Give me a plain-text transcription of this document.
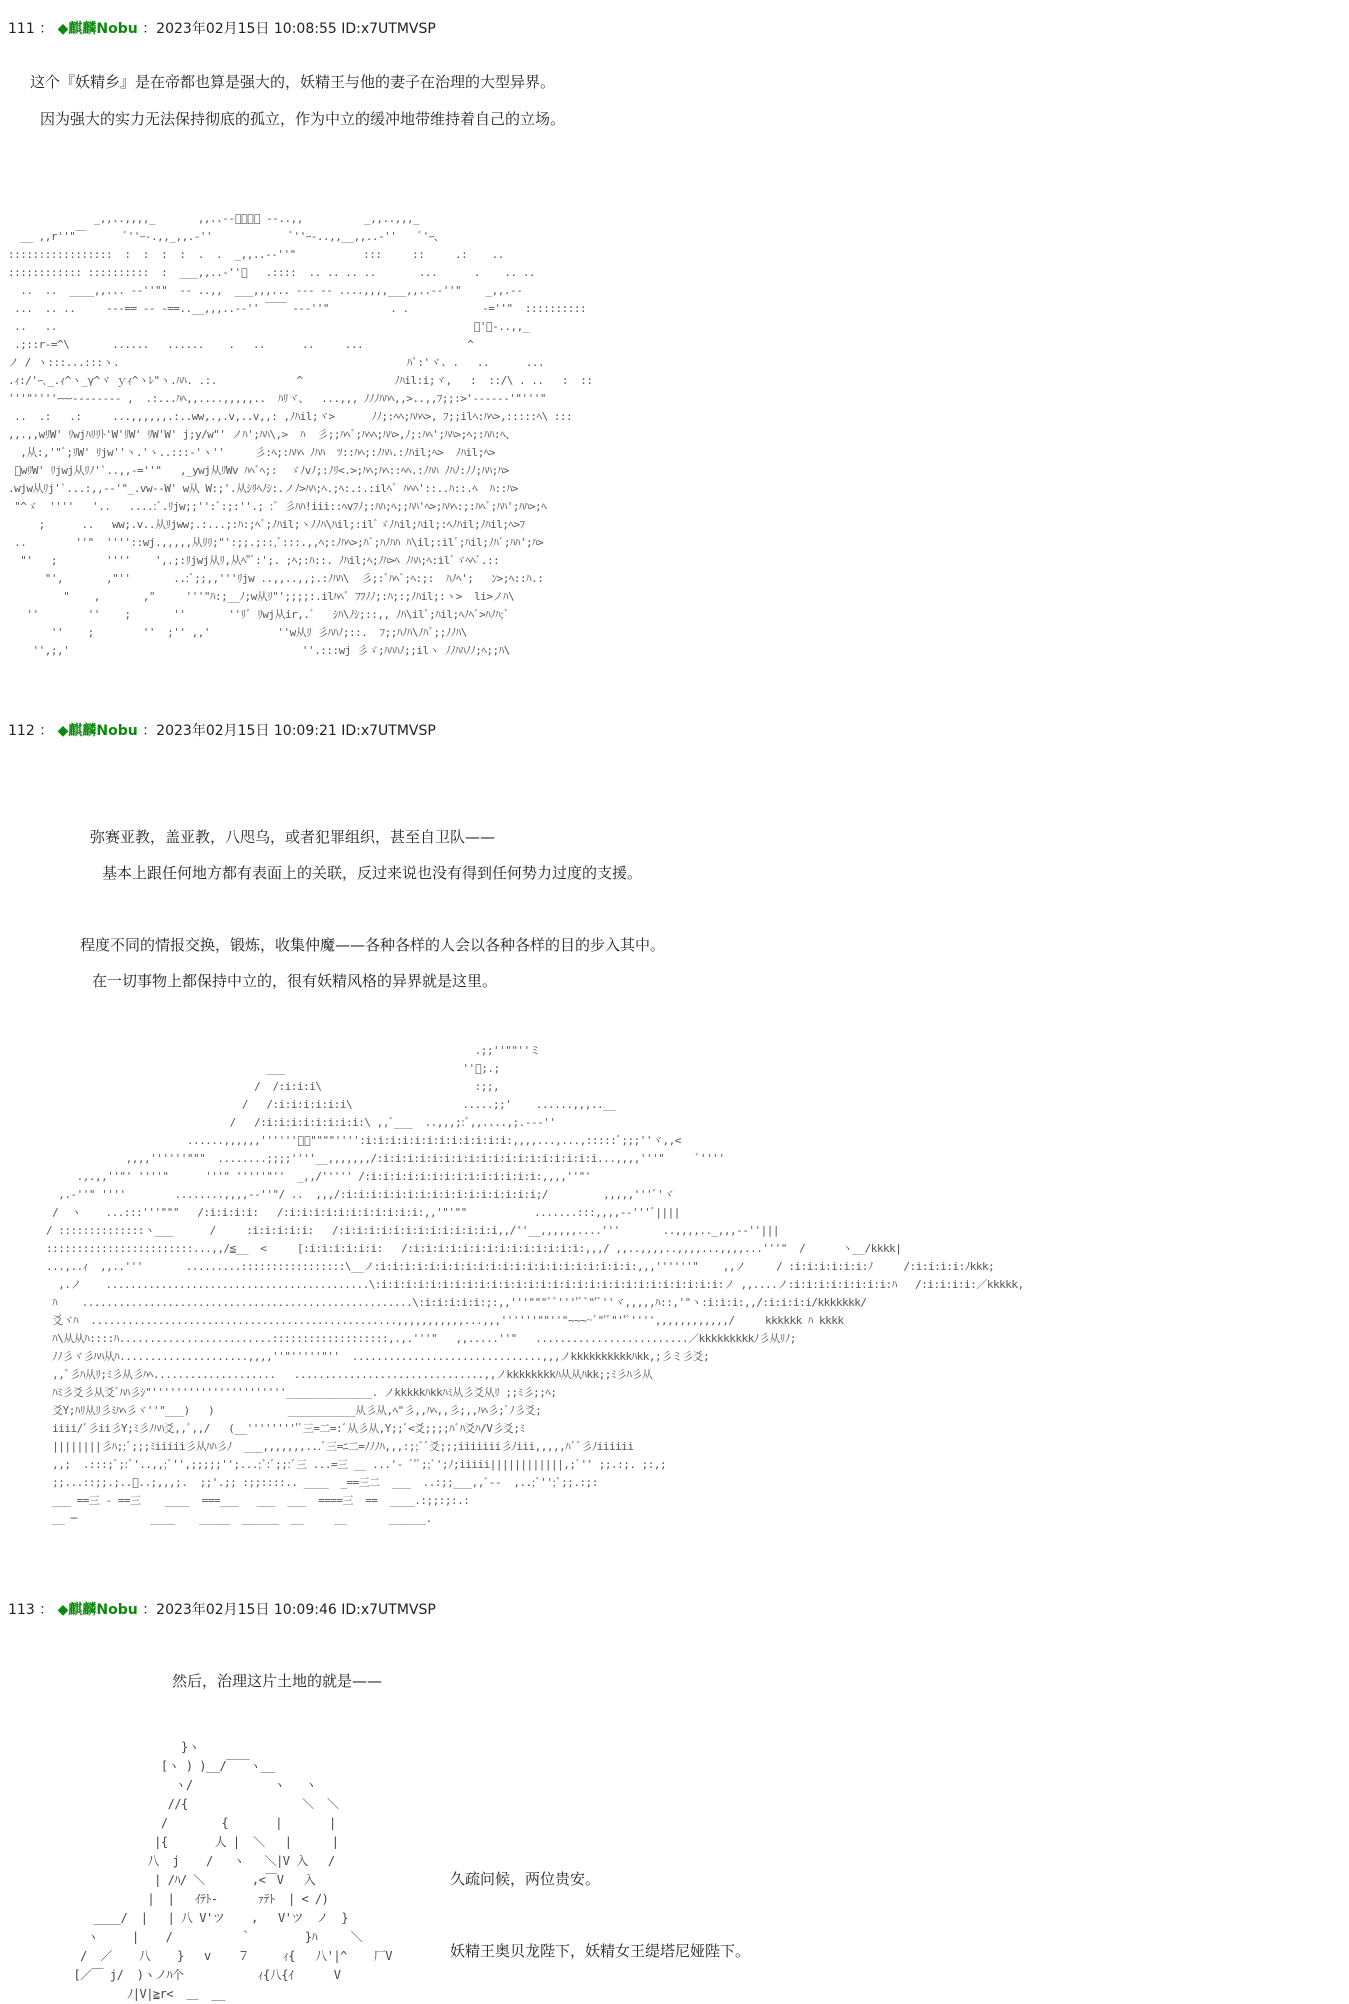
111 ： ◆麒麟Nobu ：2023年02月15日 10:08:55 ID:x7UTMVSP
这个『妖精乡』是在帝都也算是强大的，妖精王与他的妻子在治理的大型异界。
因为强大的实力无法保持彻底的孤立，作为中立的缓冲地带维持着自己的立场。
_,,..,,,,_       ,,..-‐ﾞ￣￣ﾞ ‐-..,,          _,,..,,,_
__ ,,r''"￣      ﾞ''ｰ-.,,_,,.-''             ﾞ''ｰ-..,,__,,..-''    ﾞ'ｰ、
:::::::::::::::::  :  :  :  :  .  .  _,,..-‐''"           :::     ::     .:    ..
:::::::::::: ::::::::::  :  ___,,..-''ﾞ   .::::  .. .. .. ..       ...      .    .. ..
..  ..  ____,,... -‐''""  ‐- ..,,  ___,,,... --- ‐‐ ....,,,,___,,..-‐''"    _,,.-‐
...  .. ..     ‐‐‐== ‐‐ -==..__,,,..-‐'' ￣￣ ‐‐‐''"          . .            -=''"  ::::::::::
..   ..                                                                    ﾞ'ｰ-..,,_
.;::r-=^\       ......   ......    .   ..      ..     ...                 ^
ノ / ヽ:::...:::ヽ.                                               ﾊﾟ:'ヾ. .   ..      ...
.ｨ:/'ｰ､_.ｨ^ヽ_γ^ヾ ｙｨ^ヽﾚ"ヽ.ﾊﾊ. .:.             ^               ﾉﾊil:i;ヾ,   :  ::/\ . ..   :  ::
'''"''''ｰｰｰ-------- ,  .:...ﾊﾍ,,....,,,,,..  ﾊﾘヾ、  ...,,, ﾉﾉﾉﾊﾊﾍ,,>..,,ﾌ;;:>'----‐‐'"'''"
..  .:   .:     ...,,,,,,.:..ww,.,.v,..v,,: ,ﾉﾊil;ヾ>      ﾉﾉ;:ﾍﾍ;ﾊﾊﾍ>, ﾌ;;ilﾍ:ﾊﾍ>,:::::ﾍ\ :::
,,.,,wﾘW' ﾘwjﾊﾘﾘﾄ'W'ﾘW' ﾘW'W' j;y/w"' ノﾊ';ﾊﾊ\,>  ﾊ  彡;;ﾊﾍﾞ;ﾊﾍﾍ;ﾊﾊ>,ﾉ;:ﾊﾍ';ﾊﾊ>;ﾍ;:ﾊﾊ:ﾍ、
,从:,'"ﾞ;ﾘW' ﾘjw''ヽ.'ヽ..:::-'ヽ''     彡:ﾍ;:ﾊﾊﾍ ﾉﾊﾊ  ﾂ::ﾊﾍ;:ﾉﾊﾊ.:ﾉﾊil;ﾍ>  ﾉﾊil;ﾍ>
ﾞwﾘW' ﾘjwj从ﾘﾉ'`..,,-=''"   ,_ywj从ﾘWv ﾊﾍﾞﾍ;:  ゞﾉvﾉ;:ﾉﾘ<.>;ﾊﾍ;ﾊﾍ::ﾍﾍ.:ﾉﾊﾊ ﾉﾊﾉ:ﾉﾉ;ﾊﾊ;ﾊ>
.wjw从ﾘj'`...:,,-‐'"_.vw--W' w从 W:;'.从ｼﾘﾍﾉｼ:.ノﾉ>ﾊﾊ;ﾍ.;ﾍ:.:.:ilﾍﾞ ﾊﾍﾍ'::..ﾊ::.ﾍ  ﾊ::ﾊ>
"^ゞ  ''''   '..   ....:ﾞ.ﾘjw;;'':ﾞ:;:''.; :ﾞ 彡ﾊﾊ!iii::ﾍvﾌﾉ;:ﾊﾊ;ﾍ;;ﾊﾊ'ﾍ>;ﾊﾊﾍ:;:ﾊﾍﾞ;ﾊﾊ';ﾊﾊ>;ﾍ
;      ..   ww;.v..从ﾘjww;.:...;:ﾊ:;ﾍﾞ;ﾉﾊil;ヽﾉﾉﾊ\ﾊil;:ilﾞゞﾉﾊil;ﾊil;:ﾍﾉﾊil;ﾉﾊil;ﾍ>ﾌ
..        ''"  ''''::wj.,,,,,从ﾘﾘ;"':;;.;::,ﾞ:::.,,ﾍ;:ﾉﾊﾍ>;ﾊﾞ;ﾊﾉﾊﾊ ﾊ\il;:ilﾞ;ﾊil;ﾉﾊﾞ;ﾊﾊ';ﾊ>
"'   ;        ''''    ',.;:ﾘjwj从ﾘ,从ﾍ"ﾞ:';. ;ﾍ;:ﾊ::. ﾉﾊil;ﾍ;ﾉﾊ>ﾍ ﾉﾊﾊ;ﾍ:ilﾞゞﾍﾍﾞ.::
"',       ,"''       ..:ﾞ;;,,'''ﾘjw ..,,..,,;.:ﾉﾊﾊ\  彡;:ﾞﾊﾍﾞ;ﾍ:;:  ﾊﾉﾍ';   ﾝ>;ﾍ::ﾊ.:
"    ,       ,"     '''"ﾊ:;__ﾉ;w从ﾘ"';;;;:.ilﾊﾍﾞ ﾌﾌﾉﾉ;:ﾊ;:;ﾉﾊil;:ヽ>  li>ノﾊ\
''        ''    ;       ''       ''ﾘﾞ ﾘwj从ir,.ﾞ   ｼﾊ\ﾉｼ;::,, ﾉﾊ\ilﾞ;ﾊil;ﾍﾉﾍﾞ>ﾊﾉﾊ;ﾞ
''    ;        ''  ;'' ,,'           ''w从ﾘ 彡ﾊﾊﾉ;::.  ﾌ;;ﾊﾉﾊ\ﾉﾊﾞ;;ﾉﾉﾊ\
'',;,'                                      ''.:::wj 彡ゞ;ﾊﾊﾊﾉ;;ilヽ ﾉﾉﾊﾊﾉﾉ;ﾍ;;ﾊ\

112 ： ◆麒麟Nobu ：2023年02月15日 10:09:21 ID:x7UTMVSP
弥赛亚教，盖亚教，八咫乌，或者犯罪组织，甚至自卫队——
基本上跟任何地方都有表面上的关联，反过来说也没有得到任何势力过度的支援。
程度不同的情报交换，锻炼，收集仲魔——各种各样的人会以各种各样的目的步入其中。
在一切事物上都保持中立的，很有妖精风格的异界就是这里。
.;;''""''ミ
___                             ''ﾞ;.;
/  /:i:i:i\                         :;;,
/   /:i:i:i:i:i:i\                  .....;;'    ......,,,..__
/   /:i:i:i:i:i:i:i:i:\ ,,ﾞ___  ..,,,;:ﾞ,,....,;.--‐''
......,,,,,,''''''ﾞﾞ""""'''':i:i:i:i:i:i:i:i:i:i:i:i:,,,,...,...,:::::ﾞ;;;''ヾ,,<
,,,,''''''"""  ........;;;;''''__,,,,,,,/:i:i:i:i:i:i:i:i:i:i:i:i:i:i:i:i:i:i...,,,,'''"     ﾞ''''
.,.,,''"' ''''"      '''" '''''"''  _,,/''''' /:i:i:i:i:i:i:i:i:i:i:i:i:i:i:,,,,''"'
,.-''" ''''        ........,,,,-‐''"/ ..  ,,,/:i:i:i:i:i:i:i:i:i:i:i:i:i:i:i:i;/         ,,,,,'''ﾞ'ヾ
/  ヽ    ...:::'''"""   /:i:i:i:i:   /:i:i:i:i:i:i:i:i:i:i:i:,,'"'""           .......:::,,,,-‐'''ﾞ||||
/ ::::::::::::::ヽ___      /     :i:i:i:i:i:   /:i:i:i:i:i:i:i:i:i:i:i:i:i,,/''__,,,,,,....'''       ..,,,,.._,,,-‐''|||
::::::::::::::::::::::::...,,/≦__  <     [:i:i:i:i:i:i:   /:i:i:i:i:i:i:i:i:i:i:i:i:i:i:,,,/ ,,..,,,,..,,,,...,,,,...'''"  /      ヽ__/kkkk|
...,..ｨ  ,,..'''       .........:::::::::::::::::\__ノ:i:i:i:i:i:i:i:i:i:i:i:i:i:i:i:i:i:i:i:i:i:,,,''''''"    ,,ノ     / :i:i:i:i:i:i:ﾉ     /:i:i:i:i:ﾉkkk;
,.ノ    ...........................................\:i:i:i:i:i:i:i:i:i:i:i:i:i:i:i:i:i:i:i:i:i:i:i:i:i:i:i:i:ノ ,,....ノ:i:i:i:i:i:i:i:i:ﾊ   /:i:i:i:i:／kkkkk,
ﾊ    ......................................................\:i:i:i:i:i:;:,,'''"""ﾞﾞ''''ﾞﾞ"'ﾞ''ヾ,,,,,ﾊ::,'"ヽ:i:i:i:,,/:i:i:i:i/kkkkkkk/
爻ヾﾊ  ..................................................,,,,,,,,,,,...,,,''''''""''"~~~~ﾞ"'ﾞ"''ﾞ'''',,,,,,,,,,,,/     kkkkkk ﾊ kkkk
ﾊ\从从ﾊ::::ﾊ.........................:::::::::::::::::::,.,.'''"   ,,.....''"   .........................／kkkkkkkkkﾉ彡从ﾘﾉ;
ﾉﾉ彡ヾ彡ﾊﾊ从ﾊ.....................,,,,''"'''''"''  ...............................,,,ノkkkkkkkkkkﾊkk,;彡ミ彡爻;
,,ﾞ彡ﾊ从ﾘ;ﾐ彡从彡ﾊﾍ....................   ...............................,,ノkkkkkkkkﾊ从从ﾊkk;;ﾐ彡ﾊ彡从
ﾊﾐ彡爻彡从爻ﾞﾊﾊ彡ｼ"''''''''''''''''''''''______________. ノkkkkkﾊkkﾊﾐ从彡爻从ﾘ ;;ﾐ彡;;ﾍ;
爻Y;ﾊﾘ从ﾘ彡ﾐﾊﾍ彡ヾ''"___)   )            ___________从彡从,ﾍ"彡,,ﾊﾍ,,彡;,,ﾊﾍ彡;ﾞﾉ彡爻;
iiii/ﾞ彡ii彡Y;ﾐ彡ﾉﾊﾊ爻,,ﾞ,,/   (__'''''''''ﾞ三=二=:ﾞ从彡从,Y;;ﾞ<爻;;;;ﾊﾞﾊ爻ﾊ/V彡爻;ﾐ
||||||||彡ﾊ;;ﾞ;;;ﾐiiiii彡从ﾊﾊ彡ﾉ  ___,,,,,,,...ﾞ三=ﾆ二=ﾉﾉﾉﾊ,,,:;;ﾞﾞ爻;;;iiiiiii彡ﾉiii,,,,,ﾊﾞﾞ彡ﾉiiiiii
,,;  .:::;ﾞ;:ﾞ'..,,;ﾞ'',;;;;;'';...;ﾞ:ﾞ;;:ﾞ三 ...=三 __ ...'‐ ﾞ'ﾞ;;ﾞ';ﾉ;iiiii||||||||||||,;ﾞ'' ;;.:;. ;:,;
;;...::;;.;..ﾞ..;,,,;.  ;;'.;; :;;::::.. ____  _==三二  ___  ..:;;___,,ﾞ‐‐  ,..;ﾞ'';ﾞ;;.:;:
___ ==三 ‐ ==三    ____  ===___   ___  ___  ====三  ==  ____.:;;:;:.:
__ ─            ____    _____  ______  __     __       ______.

113 ： ◆麒麟Nobu ：2023年02月15日 10:09:46 ID:x7UTMVSP
然后，治理这片土地的就是——
}ヽ
[ヽ ) )__/￣￣ヽ__
ヽ/            ヽ   ヽ
//{                 ＼  ＼
/        {       |       |
|{       人 |  ＼   |      |
八  j    /   ヽ   ＼|V 入   /
| /ﾊ/ ＼       ,<￣V   入
|  |   ｲﾃﾄ-      ｧﾃﾄ  | < /)
____/  |   | 八 V'ツ    ,   V'ツ  ノ  }
ヽ     |    /          ｀        }ﾊ     ＼
/  ／    八    }   v    ７     ｨ{   八'|^    厂V
[／￣ j/  )ヽノﾊ个           ｨ{八{ｲ      V
ﾉ|V|≧r<  ＿  __

久疏问候，两位贵安。
妖精王奥贝龙陛下，妖精女王缇塔尼娅陛下。
